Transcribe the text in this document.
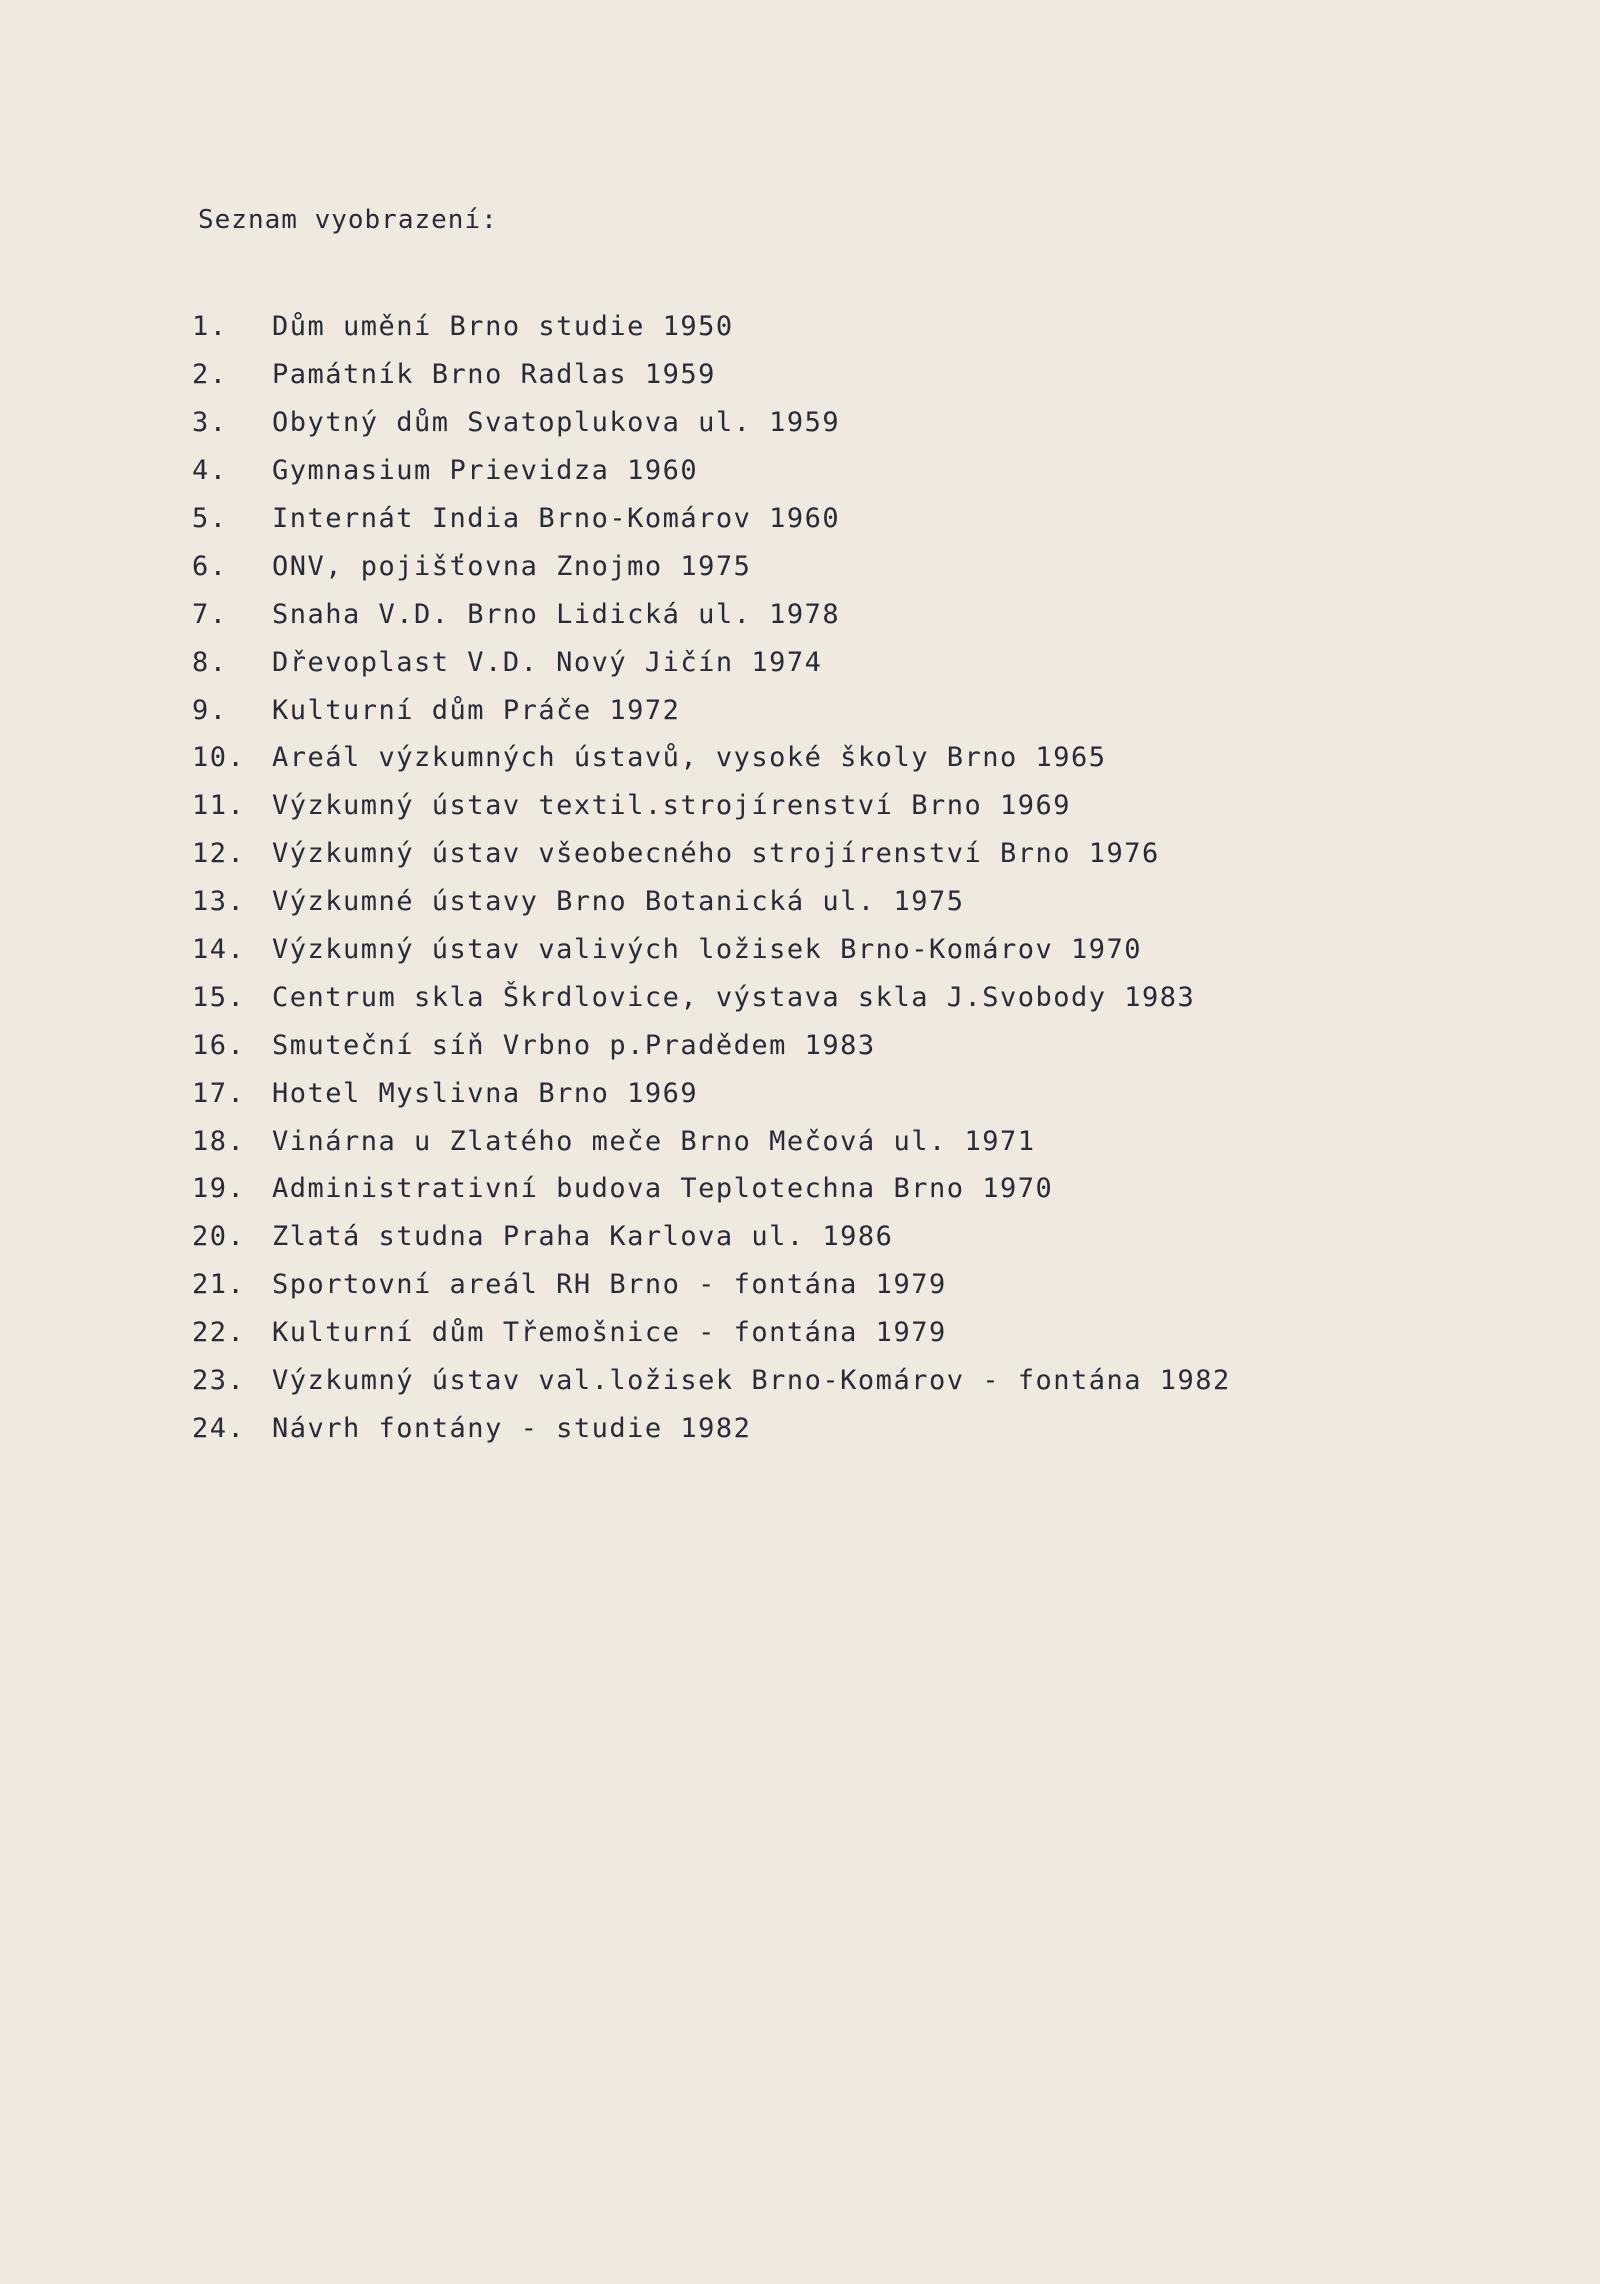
Seznam vyobrazení:
1.	Dům umění Brno studie 1950
2.	Památník Brno Radlas 1959
3.	Obytný dům Svatoplukova ul. 1959
4.	Gymnasium Prievidza 1960
5.	Internát India Brno-Komárov 1960
6.	ONV, pojišťovna Znojmo 1975
7.	Snaha V.D. Brno Lidická ul. 1978
8.	Dřevoplast V.D. Nový Jičín 1974
9.	Kulturní dům Práče 1972
10. Areál výzkumných ústavů, vysoké školy Brno 1965
11. Výzkumný ústav textil.strojírenství Brno 1969
12. Výzkumný ústav všeobecného strojírenství Brno 1976
13. Výzkumné ústavy Brno Botanická ul. 1975
14. Výzkumný ústav valivých ložisek Brno-Komárov 1970
15. Centrum skla Škrdlovice, výstava skla J.Svobody 1983
16. Smuteční síň Vrbno p.Pradědem 1983
17. Hotel Myslivna Brno 1969
18. Vinárna u Zlatého meče Brno Mečová ul. 1971
19. Administrativní budova Teplotechna Brno 1970
20. Zlatá studna Praha Karlova ul. 1986
21. Sportovní areál RH Brno - fontána 1979
22. Kulturní dům Třemošnice - fontána 1979
23. Výzkumný ústav val.ložisek Brno-Komárov - fontána 1982
24. Návrh fontány - studie 1982
